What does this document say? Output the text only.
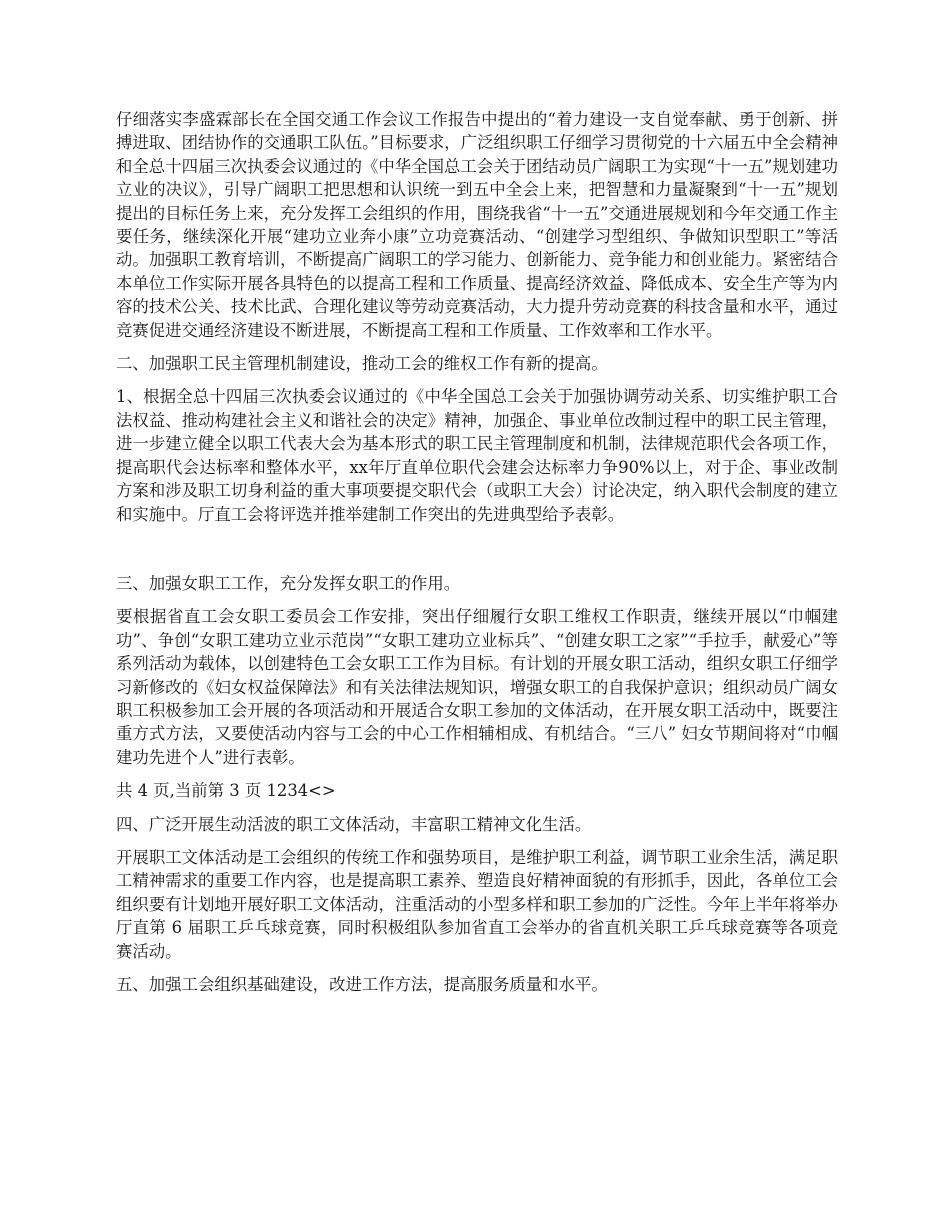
仔细落实李盛霖部长在全国交通工作会议工作报告中提出的“着力建设一支自觉奉献、勇于创新、拼搏进取、团结协作的交通职工队伍。”目标要求，广泛组织职工仔细学习贯彻党的十六届五中全会精神和全总十四届三次执委会议通过的《中华全国总工会关于团结动员广阔职工为实现“十一五”规划建功立业的决议》，引导广阔职工把思想和认识统一到五中全会上来，把智慧和力量凝聚到“十一五”规划提出的目标任务上来，充分发挥工会组织的作用，围绕我省“十一五”交通进展规划和今年交通工作主要任务，继续深化开展“建功立业奔小康”立功竞赛活动、“创建学习型组织、争做知识型职工”等活动。加强职工教育培训，不断提高广阔职工的学习能力、创新能力、竞争能力和创业能力。紧密结合本单位工作实际开展各具特色的以提高工程和工作质量、提高经济效益、降低成本、安全生产等为内容的技术公关、技术比武、合理化建议等劳动竞赛活动，大力提升劳动竞赛的科技含量和水平，通过竞赛促进交通经济建设不断进展，不断提高工程和工作质量、工作效率和工作水平。

二、加强职工民主管理机制建设，推动工会的维权工作有新的提高。

1、根据全总十四届三次执委会议通过的《中华全国总工会关于加强协调劳动关系、切实维护职工合法权益、推动构建社会主义和谐社会的决定》精神，加强企、事业单位改制过程中的职工民主管理，进一步建立健全以职工代表大会为基本形式的职工民主管理制度和机制，法律规范职代会各项工作，提高职代会达标率和整体水平，xx年厅直单位职代会建会达标率力争90%以上，对于企、事业改制方案和涉及职工切身利益的重大事项要提交职代会（或职工大会）讨论决定，纳入职代会制度的建立和实施中。厅直工会将评选并推举建制工作突出的先进典型给予表彰。

三、加强女职工工作，充分发挥女职工的作用。

要根据省直工会女职工委员会工作安排，突出仔细履行女职工维权工作职责，继续开展以“巾帼建功”、争创“女职工建功立业示范岗”“女职工建功立业标兵”、“创建女职工之家”“手拉手，献爱心”等系列活动为载体，以创建特色工会女职工工作为目标。有计划的开展女职工活动，组织女职工仔细学习新修改的《妇女权益保障法》和有关法律法规知识，增强女职工的自我保护意识；组织动员广阔女职工积极参加工会开展的各项活动和开展适合女职工参加的文体活动，在开展女职工活动中，既要注重方式方法，又要使活动内容与工会的中心工作相辅相成、有机结合。“三八” 妇女节期间将对“巾帼建功先进个人”进行表彰。

共 4 页,当前第 3 页 1234<>

四、广泛开展生动活波的职工文体活动，丰富职工精神文化生活。

开展职工文体活动是工会组织的传统工作和强势项目，是维护职工利益，调节职工业余生活，满足职工精神需求的重要工作内容，也是提高职工素养、塑造良好精神面貌的有形抓手，因此，各单位工会组织要有计划地开展好职工文体活动，注重活动的小型多样和职工参加的广泛性。今年上半年将举办厅直第 6 届职工乒乓球竞赛，同时积极组队参加省直工会举办的省直机关职工乒乓球竞赛等各项竞赛活动。

五、加强工会组织基础建设，改进工作方法，提高服务质量和水平。
